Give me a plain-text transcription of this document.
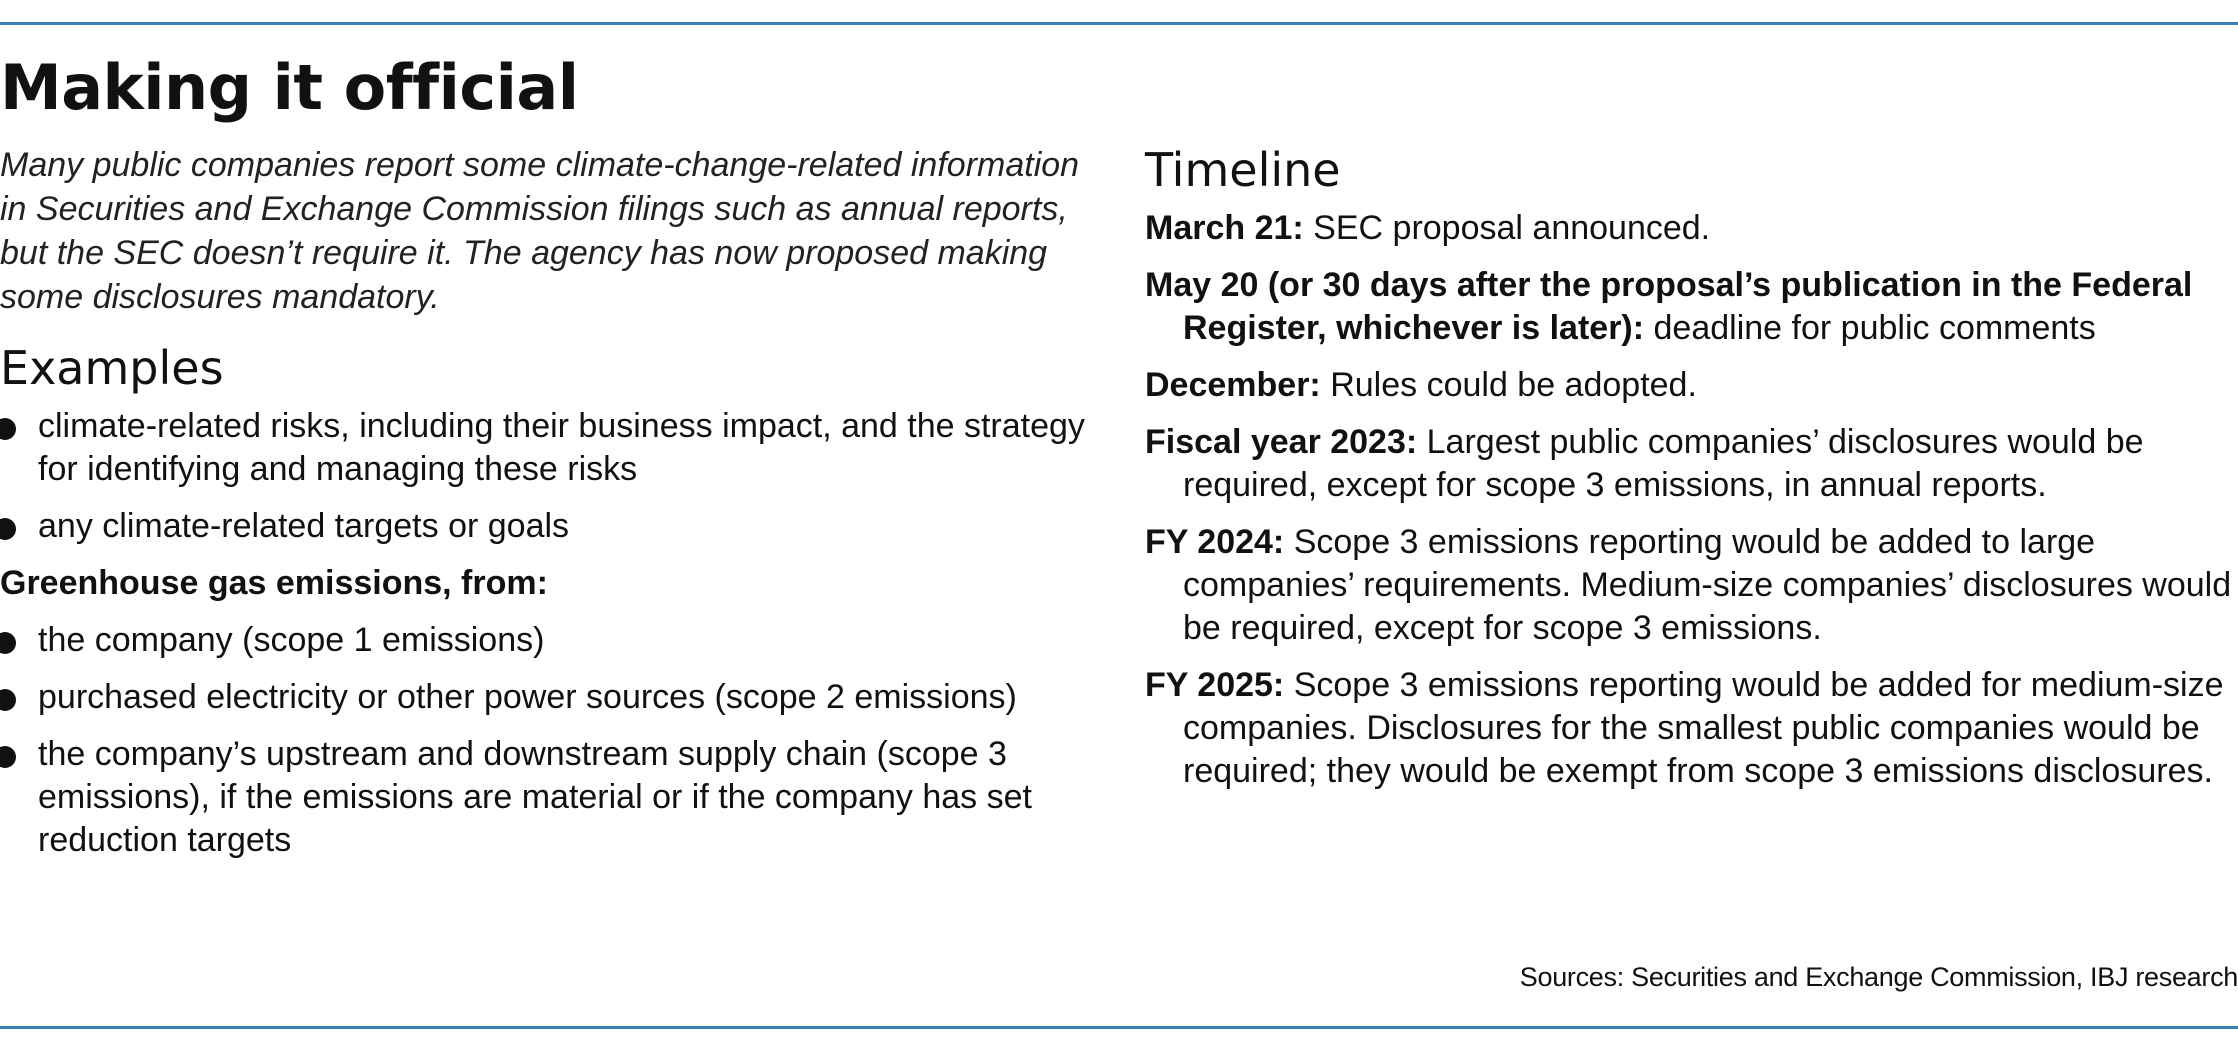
Making it official

Many public companies report some climate-change-related information in Securities and Exchange Commission filings such as annual reports, but the SEC doesn’t require it. The agency has now proposed making some disclosures mandatory.

Examples
climate-related risks, including their business impact, and the strategy for identifying and managing these risks
any climate-related targets or goals
Greenhouse gas emissions, from:
the company (scope 1 emissions)
purchased electricity or other power sources (scope 2 emissions)
the company’s upstream and downstream supply chain (scope 3 emissions), if the emissions are material or if the company has set reduction targets
Timeline
March 21: SEC proposal announced.
May 20 (or 30 days after the proposal’s publication in the Federal Register, whichever is later): deadline for public comments
December: Rules could be adopted.
Fiscal year 2023: Largest public companies’ disclosures would be required, except for scope 3 emissions, in annual reports.
FY 2024: Scope 3 emissions reporting would be added to large companies’ requirements. Medium-size companies’ disclosures would be required, except for scope 3 emissions.
FY 2025: Scope 3 emissions reporting would be added for medium-size companies. Disclosures for the smallest public companies would be required; they would be exempt from scope 3 emissions disclosures.

Sources: Securities and Exchange Commission, IBJ research
